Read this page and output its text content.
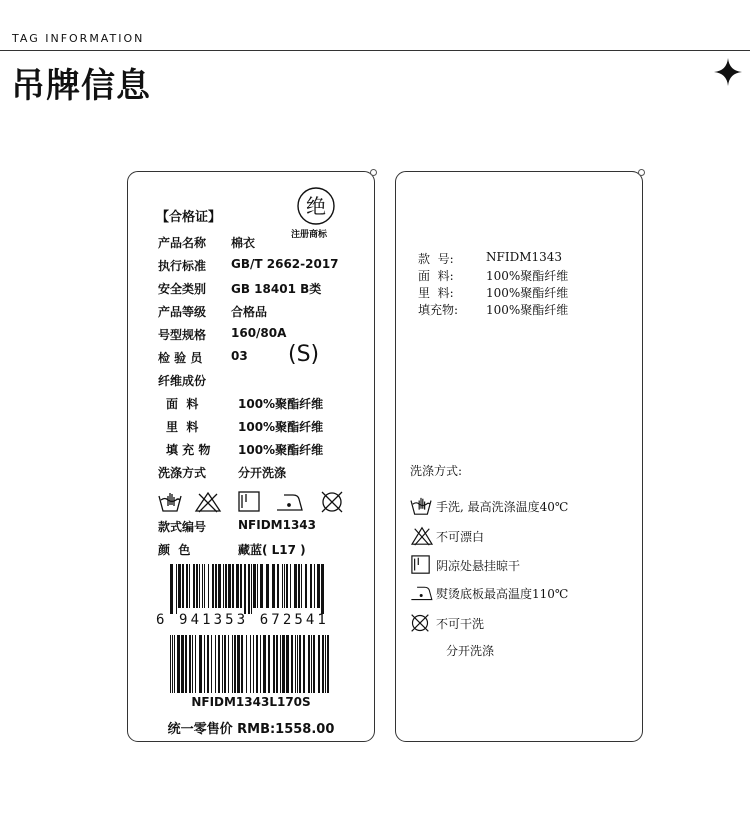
TAG INFORMATION
吊牌信息
【合格证】	绝
注册商标
产品名称 棉衣
执行标准 GB/T 2662-2017
安全类别 GB 18401 B类
产品等级 合格品
号型规格 160/80A
检 验 员 03 (S)
纤维成份
面  料	100%聚酯纤维
里  料	100%聚酯纤维
填 充 物 100%聚酯纤维
洗涤方式	分开洗涤
款式编号	NFIDM1343
颜  色	藏蓝( L17 )
6 941353 672541
NFIDM1343L170S
统一零售价 RMB:1558.00
款  号:	NFIDM1343
面  料:	100%聚酯纤维
里  料:	100%聚酯纤维
填充物: 100%聚酯纤维
洗涤方式:
手洗, 最高洗涤温度40℃
不可漂白
阴凉处悬挂晾干
熨烫底板最高温度110℃
不可干洗
分开洗涤
